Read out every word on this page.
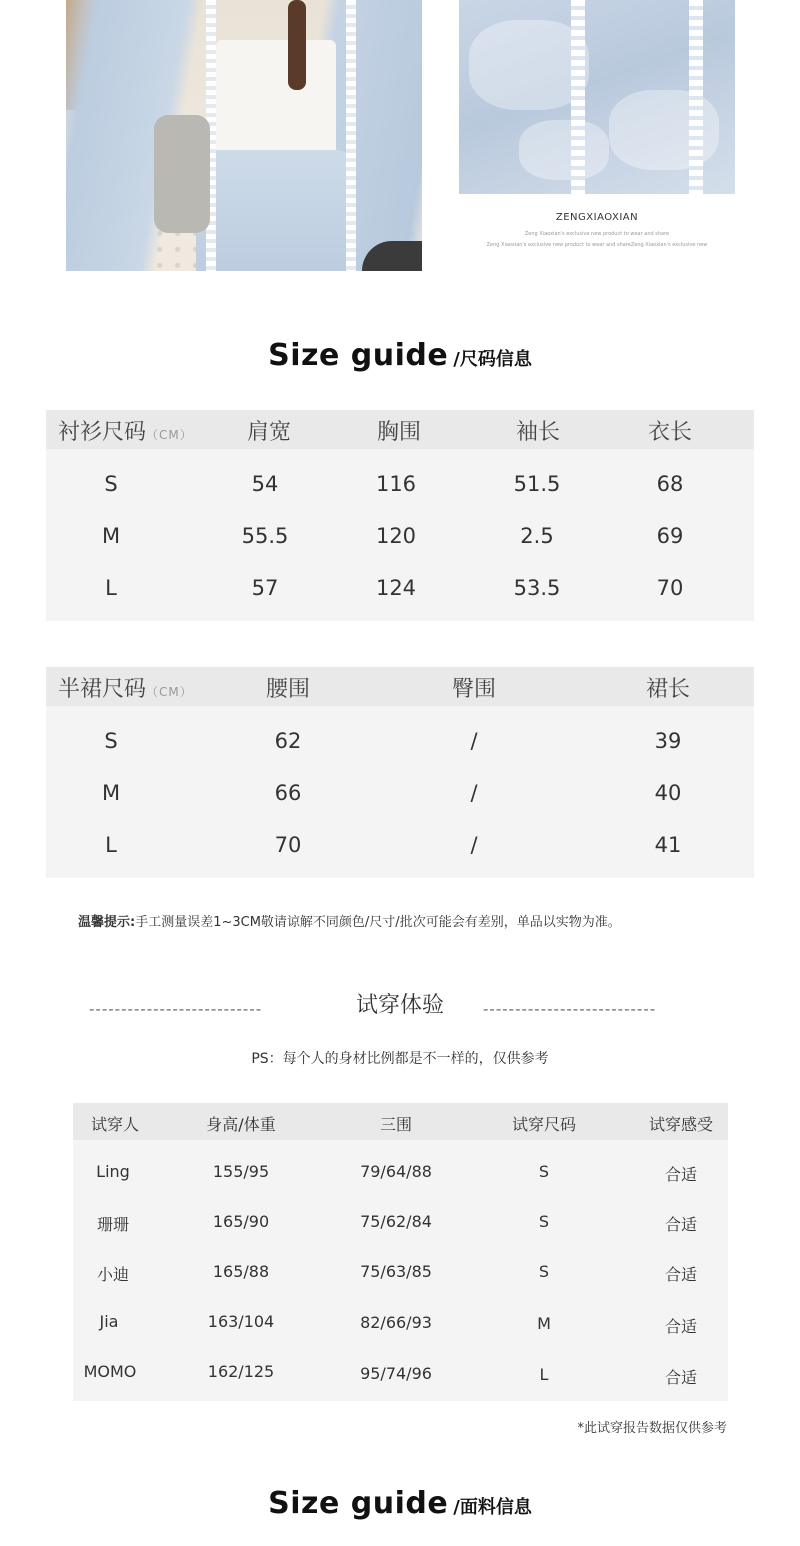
ZENGXIAOXIAN
Zeng Xiaoxian's exclusive new product to wear and share
Zeng Xiaoxian's exclusive new product to wear and shareZeng Xiaoxian's exclusive new
Size guide /尺码信息
衬衫尺码（CM） 肩宽	胸围	袖长	衣长
S	54	116	51.5	68
M	55.5	120	2.5	69
L	57	124	53.5	70
半裙尺码（CM）	腰围	臀围	裙长
S	62	/	39
M	66	/	40
L	70	/	41
温馨提示:手工测量误差1~3CM敬请谅解不同颜色/尺寸/批次可能会有差别，单品以实物为准。
---------------------------	试穿体验	---------------------------
PS：每个人的身材比例都是不一样的，仅供参考
试穿人	身高/体重	三围	试穿尺码	试穿感受
Ling	155/95	79/64/88	S	合适
珊珊	165/90	75/62/84	S	合适
小迪	165/88	75/63/85	S	合适
Jia	163/104	82/66/93	M	合适
MOMO	162/125	95/74/96	L	合适
*此试穿报告数据仅供参考
Size guide /面料信息
